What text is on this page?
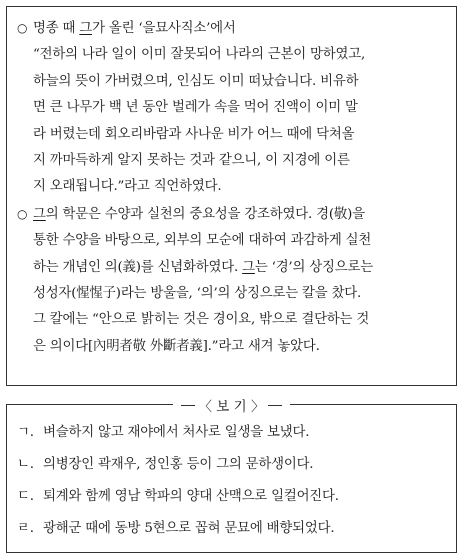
○ 명종 때 그가 올린 ‘을묘사직소’에서
“전하의 나라 일이 이미 잘못되어 나라의 근본이 망하였고,
하늘의 뜻이 가버렸으며, 인심도 이미 떠났습니다. 비유하
면 큰 나무가 백 년 동안 벌레가 속을 먹어 진액이 이미 말
라 버렸는데 회오리바람과 사나운 비가 어느 때에 닥쳐올
지 까마득하게 알지 못하는 것과 같으니, 이 지경에 이른
지 오래됩니다.”라고 직언하였다.
○ 그의 학문은 수양과 실천의 중요성을 강조하였다. 경(敬)을
통한 수양을 바탕으로, 외부의 모순에 대하여 과감하게 실천
하는 개념인 의(義)를 신념화하였다. 그는 ‘경’의 상징으로는
성성자(惺惺子)라는 방울을, ‘의’의 상징으로는 칼을 찼다.
그 칼에는 “안으로 밝히는 것은 경이요, 밖으로 결단하는 것
은 의이다[內明者敬 外斷者義].”라고 새겨 놓았다.
〈 보 기 〉
ㄱ. 벼슬하지 않고 재야에서 처사로 일생을 보냈다.
ㄴ. 의병장인 곽재우, 정인홍 등이 그의 문하생이다.
ㄷ. 퇴계와 함께 영남 학파의 양대 산맥으로 일컬어진다.
ㄹ. 광해군 때에 동방 5현으로 꼽혀 문묘에 배향되었다.
